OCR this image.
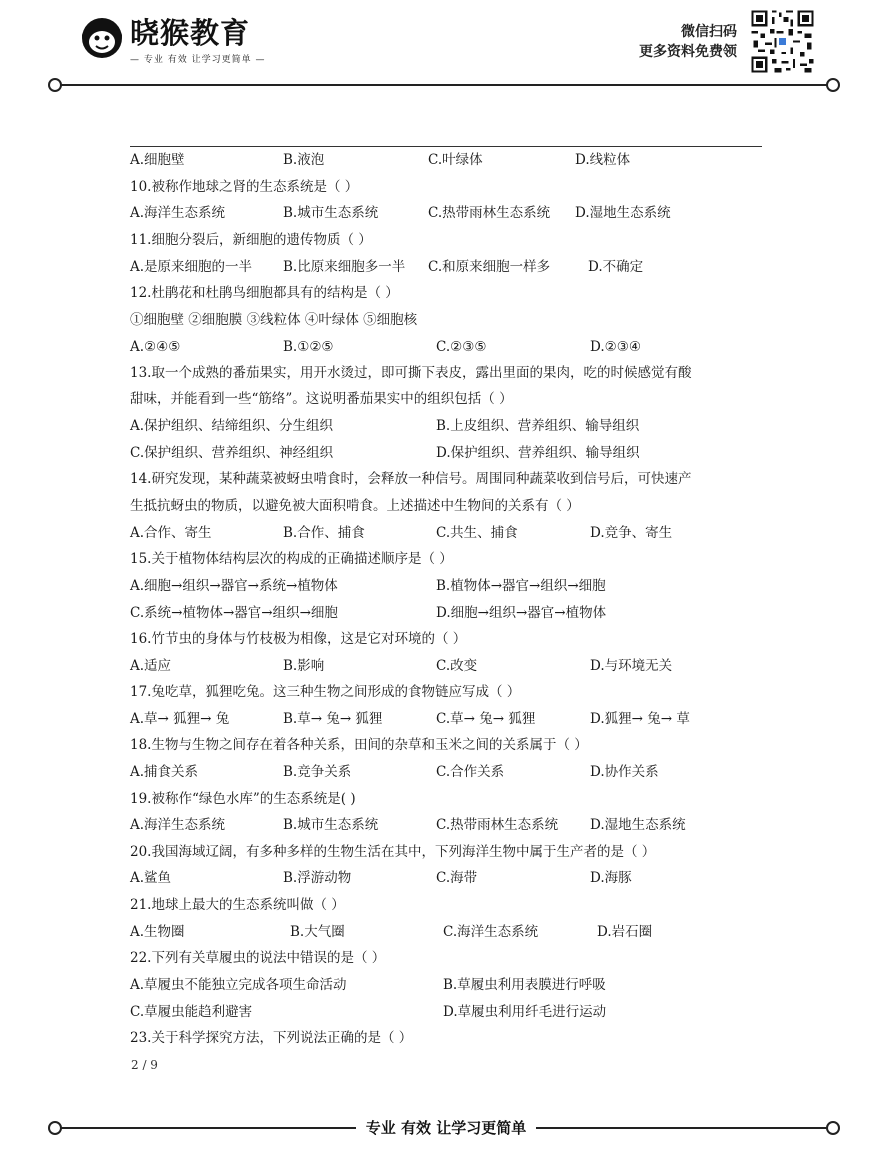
晓猴教育
— 专业 有效 让学习更简单 —
微信扫码
更多资料免费领
A.细胞壁	B.液泡	C.叶绿体	D.线粒体
10.被称作地球之肾的生态系统是（ ）
A.海洋生态系统	B.城市生态系统	C.热带雨林生态系统 D.湿地生态系统
11.细胞分裂后，新细胞的遗传物质（ ）
A.是原来细胞的一半 B.比原来细胞多一半 C.和原来细胞一样多	D.不确定
12.杜鹃花和杜鹃鸟细胞都具有的结构是（ ）
①细胞壁 ②细胞膜 ③线粒体 ④叶绿体 ⑤细胞核
A.②④⑤	B.①②⑤	C.②③⑤	D.②③④
13.取一个成熟的番茄果实，用开水烫过，即可撕下表皮，露出里面的果肉，吃的时候感觉有酸
甜味，并能看到一些“筋络”。这说明番茄果实中的组织包括（ ）
A.保护组织、结缔组织、分生组织	B.上皮组织、营养组织、输导组织
C.保护组织、营养组织、神经组织	D.保护组织、营养组织、输导组织
14.研究发现，某种蔬菜被蚜虫啃食时，会释放一种信号。周围同种蔬菜收到信号后，可快速产
生抵抗蚜虫的物质，以避免被大面积啃食。上述描述中生物间的关系有（ ）
A.合作、寄生	B.合作、捕食	C.共生、捕食	D.竞争、寄生
15.关于植物体结构层次的构成的正确描述顺序是（ ）
A.细胞→组织→器官→系统→植物体	B.植物体→器官→组织→细胞
C.系统→植物体→器官→组织→细胞	D.细胞→组织→器官→植物体
16.竹节虫的身体与竹枝极为相像，这是它对环境的（ ）
A.适应	B.影响	C.改变	D.与环境无关
17.兔吃草，狐狸吃兔。这三种生物之间形成的食物链应写成（ ）
A.草→ 狐狸→ 兔	B.草→ 兔→ 狐狸	C.草→ 兔→ 狐狸	D.狐狸→ 兔→ 草
18.生物与生物之间存在着各种关系，田间的杂草和玉米之间的关系属于（ ）
A.捕食关系	B.竞争关系	C.合作关系	D.协作关系
19.被称作“绿色水库”的生态系统是( )
A.海洋生态系统	B.城市生态系统	C.热带雨林生态系统 D.湿地生态系统
20.我国海域辽阔，有多种多样的生物生活在其中，下列海洋生物中属于生产者的是（ ）
A.鲨鱼	B.浮游动物	C.海带	D.海豚
21.地球上最大的生态系统叫做（ ）
A.生物圈	B.大气圈	C.海洋生态系统	D.岩石圈
22.下列有关草履虫的说法中错误的是（ ）
A.草履虫不能独立完成各项生命活动	B.草履虫利用表膜进行呼吸
C.草履虫能趋利避害	D.草履虫利用纤毛进行运动
23.关于科学探究方法，下列说法正确的是（ ）
2 / 9
专业 有效 让学习更简单
